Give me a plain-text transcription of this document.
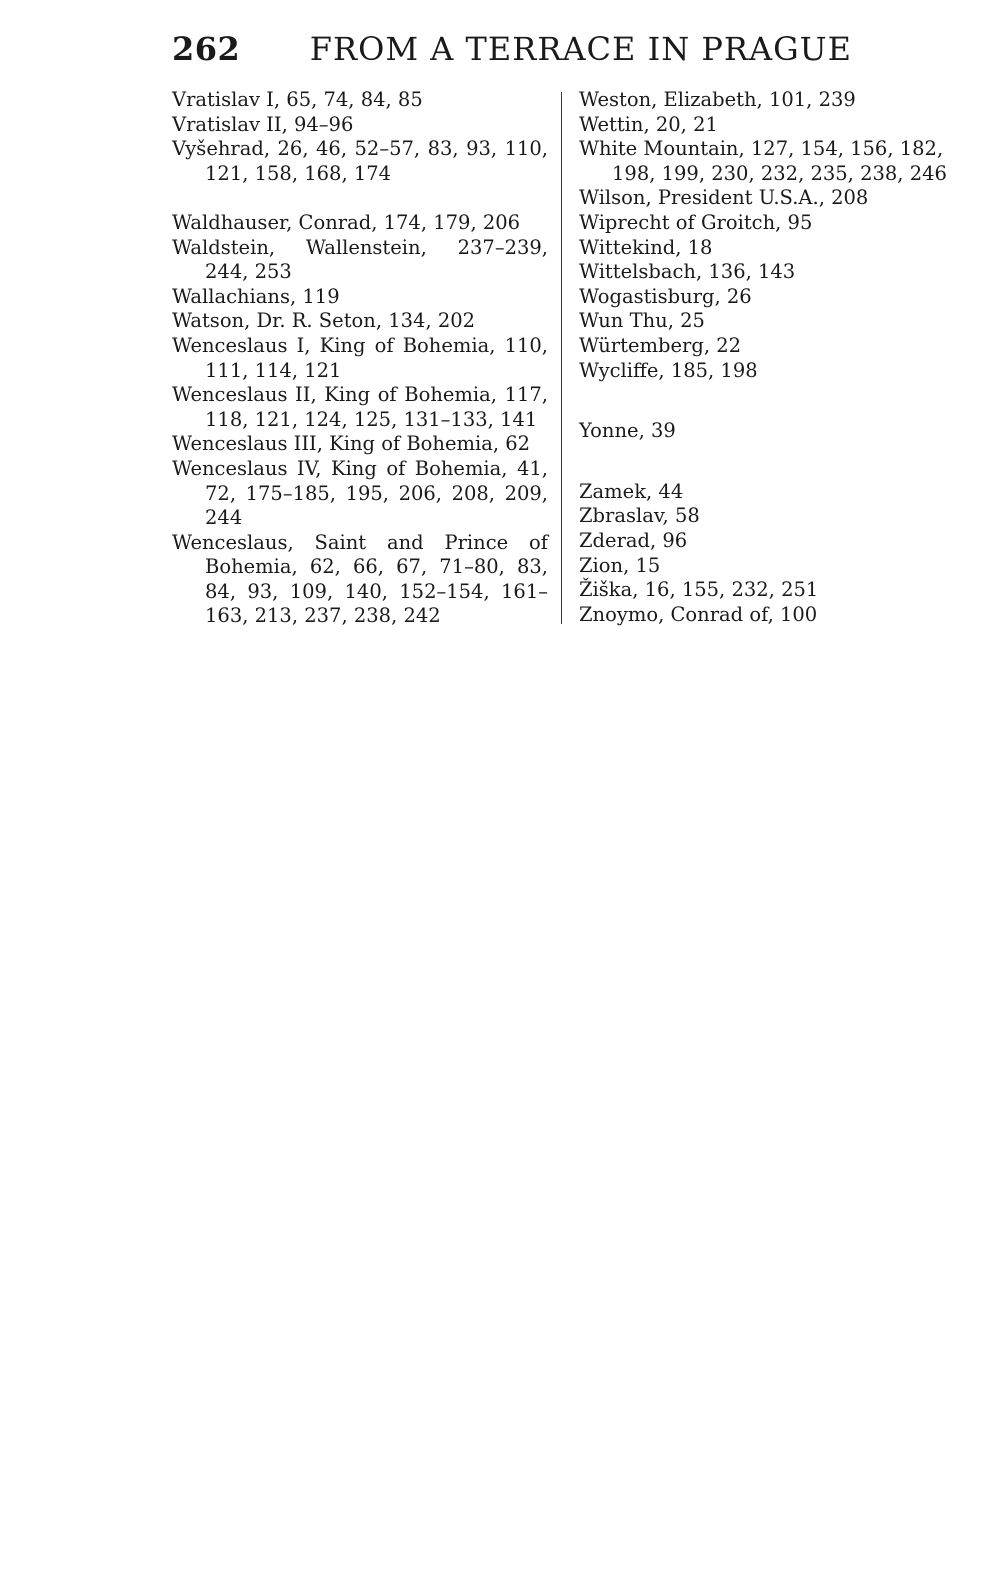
262 FROM A TERRACE IN PRAGUE

Vratislav I, 65, 74, 84, 85

Vratislav II, 94–96

Vyšehrad, 26, 46, 52–57, 83, 93, 110, 121, 158, 168, 174

Waldhauser, Conrad, 174, 179, 206

Waldstein, Wallenstein, 237–239, 244, 253

Wallachians, 119

Watson, Dr. R. Seton, 134, 202

Wenceslaus I, King of Bohemia, 110, 111, 114, 121

Wenceslaus II, King of Bohemia, 117, 118, 121, 124, 125, 131–133, 141

Wenceslaus III, King of Bohemia, 62

Wenceslaus IV, King of Bohemia, 41, 72, 175–185, 195, 206, 208, 209, 244

Wenceslaus, Saint and Prince of Bohemia, 62, 66, 67, 71–80, 83, 84, 93, 109, 140, 152–154, 161–163, 213, 237, 238, 242

Weston, Elizabeth, 101, 239

Wettin, 20, 21

White Mountain, 127, 154, 156, 182, 198, 199, 230, 232, 235, 238, 246

Wilson, President U.S.A., 208

Wiprecht of Groitch, 95

Wittekind, 18

Wittelsbach, 136, 143

Wogastisburg, 26

Wun Thu, 25

Würtemberg, 22

Wycliffe, 185, 198

Yonne, 39

Zamek, 44

Zbraslav, 58

Zderad, 96

Zion, 15

Žiška, 16, 155, 232, 251

Znoymo, Conrad of, 100
